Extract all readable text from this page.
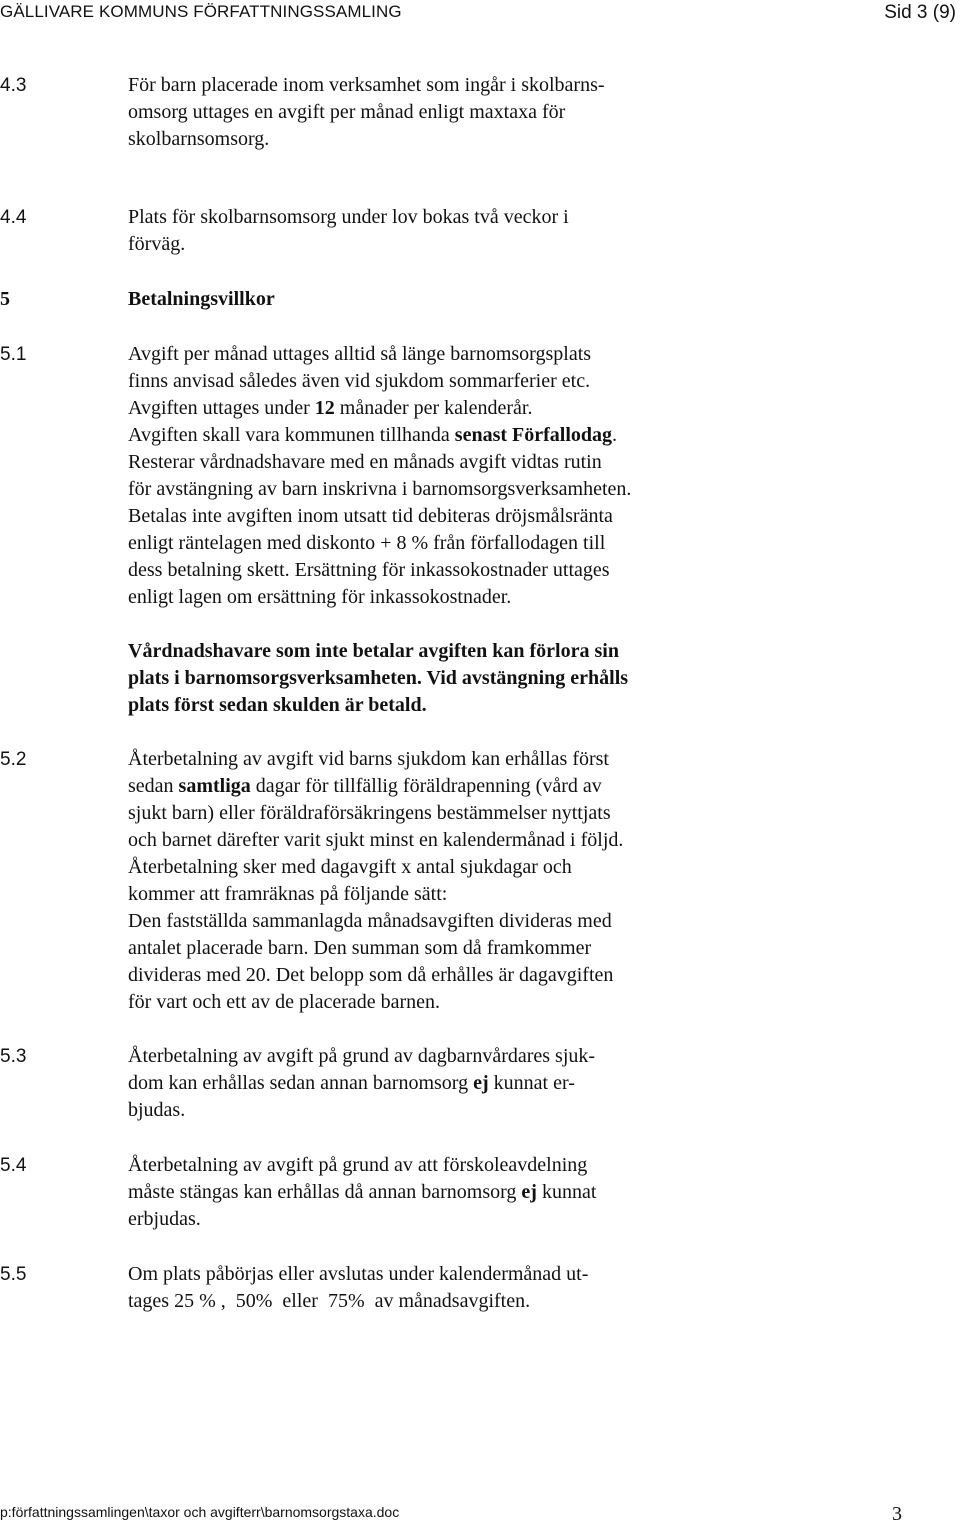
GÄLLIVARE KOMMUNS FÖRFATTNINGSSAMLING	Sid 3 (9)
4.3	För barn placerade inom verksamhet som ingår i skolbarns-
omsorg uttages en avgift per månad enligt maxtaxa för
skolbarnsomsorg.
4.4	Plats för skolbarnsomsorg under lov bokas två veckor i
förväg.
5	Betalningsvillkor
5.1	Avgift per månad uttages alltid så länge barnomsorgsplats
finns anvisad således även vid sjukdom sommarferier etc.
Avgiften uttages under 12 månader per kalenderår.
Avgiften skall vara kommunen tillhanda senast Förfallodag.
Resterar vårdnadshavare med en månads avgift vidtas rutin
för avstängning av barn inskrivna i barnomsorgsverksamheten.
Betalas inte avgiften inom utsatt tid debiteras dröjsmålsränta
enligt räntelagen med diskonto + 8 % från förfallodagen till
dess betalning skett. Ersättning för inkassokostnader uttages
enligt lagen om ersättning för inkassokostnader.
Vårdnadshavare som inte betalar avgiften kan förlora sin
plats i barnomsorgsverksamheten. Vid avstängning erhålls
plats först sedan skulden är betald.
5.2	Återbetalning av avgift vid barns sjukdom kan erhållas först
sedan samtliga dagar för tillfällig föräldrapenning (vård av
sjukt barn) eller föräldraförsäkringens bestämmelser nyttjats
och barnet därefter varit sjukt minst en kalendermånad i följd.
Återbetalning sker med dagavgift x antal sjukdagar och
kommer att framräknas på följande sätt:
Den fastställda sammanlagda månadsavgiften divideras med
antalet placerade barn. Den summan som då framkommer
divideras med 20. Det belopp som då erhålles är dagavgiften
för vart och ett av de placerade barnen.
5.3	Återbetalning av avgift på grund av dagbarnvårdares sjuk-
dom kan erhållas sedan annan barnomsorg ej kunnat er-
bjudas.
5.4	Återbetalning av avgift på grund av att förskoleavdelning
måste stängas kan erhållas då annan barnomsorg ej kunnat
erbjudas.
5.5	Om plats påbörjas eller avslutas under kalendermånad ut-
tages 25 % ,  50%  eller  75%  av månadsavgiften.
p:författningssamlingen\taxor och avgifterr\barnomsorgstaxa.doc	3
